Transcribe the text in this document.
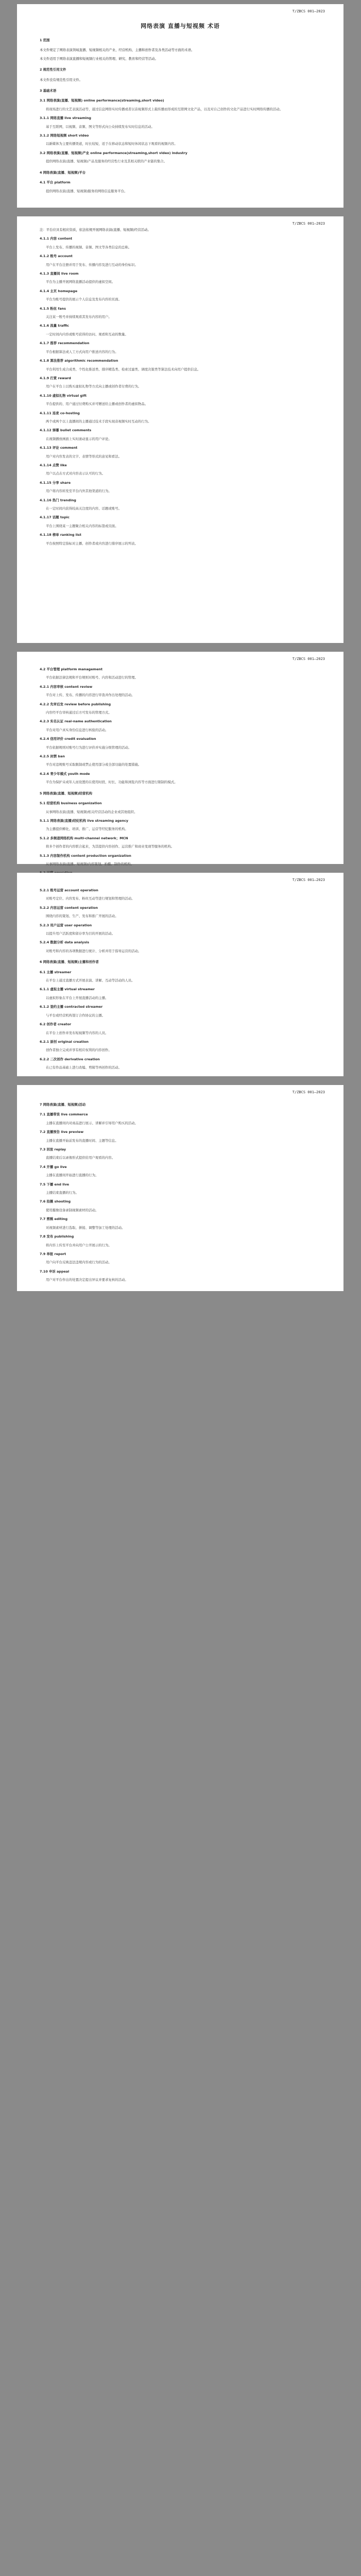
T/ZBCS 001—2023
网络表演 直播与短视频 术语
1 范围
本文件规定了网络表演领域直播、短视频相关的产业、经营机构、主播和创作者及各类活动等方面的术语。
本文件适用于网络表演直播和短视频行业相关的管理、研究、教育和经营等活动。
2 规范性引用文件
本文件没有规范性引用文件。
3 基础术语
3.1 网络表演(直播、短视频) online performance(streaming,short video)
将现场进行的文艺表演活动等，通过信息网络实时传播或者以音视频形式上载传播而形成的互联网文化产品，以及对自己创作的文化产品进行实时网络传播的活动。
3.1.1 网络直播 live streaming
基于互联网，以视频、音频、图文等形式向公众持续发布实时信息的活动。
3.1.2 网络短视频 short video
以新媒体为主要传播渠道，时长较短，适于在移动状态和短时休闲状态下观看的视频内容。
3.2 网络表演(直播、短视频)产业 online performance(streaming,short video) industry
提供网络表演(直播、短视频)产品及服务的经营性行业及其相关联的产业链的集合。
4 网络表演(直播、短视频)平台
4.1 平台 platform
提供网络表演(直播、短视频)服务的网络信息服务平台。
T/ZBCS 001—2023
注：平台应具有相应资质，依法依规开展网络表演(直播、短视频)经营活动。
4.1.1 内容 content
平台上发布、传播的视频、音频、图文等各类信息的总称。
4.1.2 账号 account
用户在平台注册并用于发布、传播内容及进行互动的身份标识。
4.1.3 直播间 live room
平台为主播开展网络直播活动提供的虚拟空间。
4.1.4 主页 homepage
平台为账号提供的展示个人信息及发布内容的页面。
4.1.5 粉丝 fans
关注某一账号并持续观看其发布内容的用户。
4.1.6 流量 traffic
一定时间内内容或账号获得的访问、观看和互动的数量。
4.1.7 推荐 recommendation
平台根据算法或人工方式向用户推送内容的行为。
4.1.8 算法推荐 algorithmic recommendation
平台利用生成合成类、个性化推送类、排序精选类、检索过滤类、调度决策类等算法技术向用户提供信息。
4.1.9 打赏 reward
用户在平台上以购买虚拟礼物等方式向主播或创作者付费的行为。
4.1.10 虚拟礼物 virtual gift
平台提供的、用户通过付费购买并可赠送给主播或创作者的虚拟物品。
4.1.11 连麦 co-hosting
两个或两个以上直播间的主播通过技术手段实现音视频实时互动的行为。
4.1.12 弹幕 bullet comments
在视频播放画面上实时滚动显示的用户评论。
4.1.13 评论 comment
用户对内容发表的文字、表情等形式的意见和看法。
4.1.14 点赞 like
用户以点击方式对内容表示认可的行为。
4.1.15 分享 share
用户将内容转发至平台内外其他渠道的行为。
4.1.16 热门 trending
在一定时间内获得较高关注度的内容、话题或账号。
4.1.17 话题 topic
平台上围绕某一主题聚合相关内容的标签或页面。
4.1.18 榜单 ranking list
平台按照特定指标对主播、创作者或内容进行排序展示的列表。
T/ZBCS 001—2023
4.2 平台管理 platform management
平台依据法律法规和平台规则对账号、内容和活动进行的管理。
4.2.1 内容审核 content review
平台对上传、发布、传播的内容进行审查并作出处理的活动。
4.2.2 先审后发 review before publishing
内容经平台审核通过后方可发布的管理方式。
4.2.3 实名认证 real-name authentication
平台对用户真实身份信息进行核验的活动。
4.2.4 信用评价 credit evaluation
平台依据规则对账号行为进行评价并实施分级管理的活动。
4.2.5 封禁 ban
平台对违规账号采取限制或禁止使用部分或全部功能的处置措施。
4.2.6 青少年模式 youth mode
平台为保护未成年人而设置的在使用时段、时长、功能和浏览内容等方面进行限制的模式。
5 网络表演(直播、短视频)经营机构
5.1 经营机构 business organization
从事网络表演(直播、短视频)相关经营活动的企业或其他组织。
5.1.1 网络表演(直播)经纪机构 live streaming agency
为主播提供孵化、培训、推广、运营等经纪服务的机构。
5.1.2 多频道网络机构 multi-channel network；MCN
将多个创作者的内容联合起来，为其提供内容创作、运营推广和商业变现等服务的机构。
5.1.3 内容制作机构 content production organization
从事网络表演(直播、短视频)内容策划、拍摄、制作的机构。
T/ZBCS 001—2023
5.2.1 账号运营 account operation
对账号定位、内容发布、粉丝互动等进行规划和管理的活动。
5.2.2 内容运营 content operation
围绕内容的策划、生产、发布和推广开展的活动。
5.2.3 用户运营 user operation
以提升用户活跃度和留存率为目的开展的活动。
5.2.4 数据分析 data analysis
对账号和内容的各项数据进行统计、分析并用于指导运营的活动。
6 网络表演(直播、短视频)主播和创作者
6.1 主播 streamer
在平台上通过直播方式开展表演、讲解、互动等活动的人员。
6.1.1 虚拟主播 virtual streamer
以虚拟形象在平台上开展直播活动的主播。
6.1.2 签约主播 contracted streamer
与平台或经营机构签订合作协议的主播。
6.2 创作者 creator
在平台上创作并发布短视频等内容的人员。
6.2.1 原创 original creation
创作者独立完成并享有相应权利的内容创作。
6.2.2 二次创作 derivative creation
在已有作品基础上进行改编、剪辑等再创作的活动。
T/ZBCS 001—2023
7 网络表演(直播、短视频)活动
7.1 直播带货 live commerce
主播在直播间内对商品进行展示、讲解并引导用户购买的活动。
7.2 直播预告 live preview
主播在直播开始前发布的直播时间、主题等信息。
7.3 回放 replay
直播结束后以录像形式提供给用户观看的内容。
7.4 开播 go live
主播在直播间开始进行直播的行为。
7.5 下播 end live
主播结束直播的行为。
7.6 拍摄 shooting
使用摄像设备录制视频素材的活动。
7.7 剪辑 editing
对视频素材进行选取、拼接、调整等加工处理的活动。
7.8 发布 publishing
将内容上传至平台并向用户公开展示的行为。
7.9 举报 report
用户向平台反映违法违规内容或行为的活动。
7.10 申诉 appeal
用户对平台作出的处置决定提出异议并要求复核的活动。
